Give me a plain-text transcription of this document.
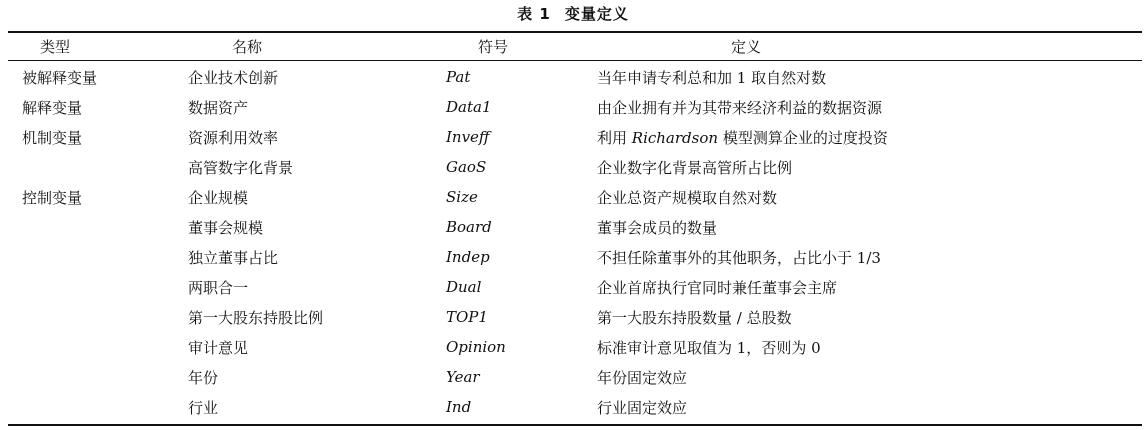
表 1 变量定义
类型	名称	符号	定义
被解释变量	企业技术创新	Pat	当年申请专利总和加 1 取自然对数
解释变量	数据资产	Data1	由企业拥有并为其带来经济利益的数据资源
机制变量	资源利用效率	Inveff	利用 Richardson 模型测算企业的过度投资
	高管数字化背景	GaoS	企业数字化背景高管所占比例
控制变量	企业规模	Size	企业总资产规模取自然对数
	董事会规模	Board	董事会成员的数量
	独立董事占比	Indep	不担任除董事外的其他职务，占比小于 1/3
	两职合一	Dual	企业首席执行官同时兼任董事会主席
	第一大股东持股比例	TOP1	第一大股东持股数量 / 总股数
	审计意见	Opinion	标准审计意见取值为 1，否则为 0
	年份	Year	年份固定效应
	行业	Ind	行业固定效应
